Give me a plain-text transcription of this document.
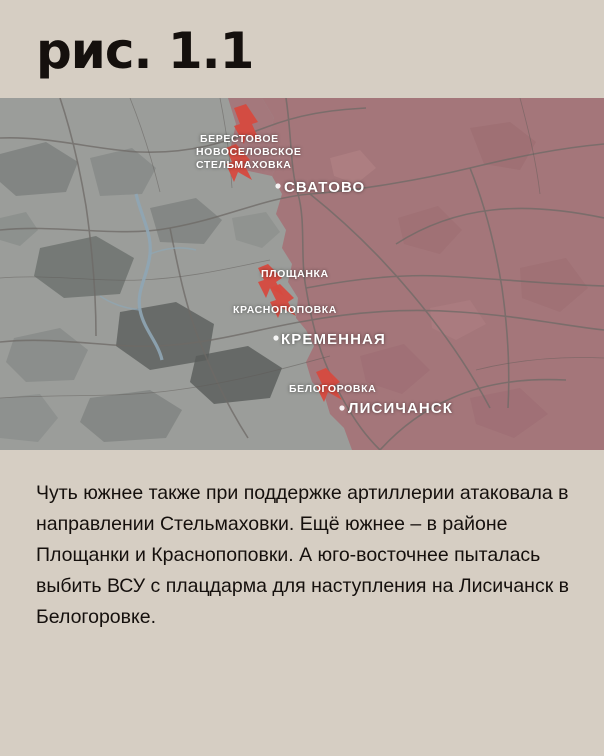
рис. 1.1
БЕРЕСТОВОЕ
НОВОСЕЛОВСКОЕ
СТЕЛЬМАХОВКА
СВАТОВО
ПЛОЩАНКА
КРАСНОПОПОВКА
КРЕМЕННАЯ
БЕЛОГОРОВКА
ЛИСИЧАНСК

Чуть южнее также при поддержке артиллерии атаковала в направлении Стельмаховки. Ещё южнее – в районе Площанки и Краснопоповки. А юго-восточнее пыталась выбить ВСУ с плацдарма для наступления на Лисичанск в Белогоровке.
